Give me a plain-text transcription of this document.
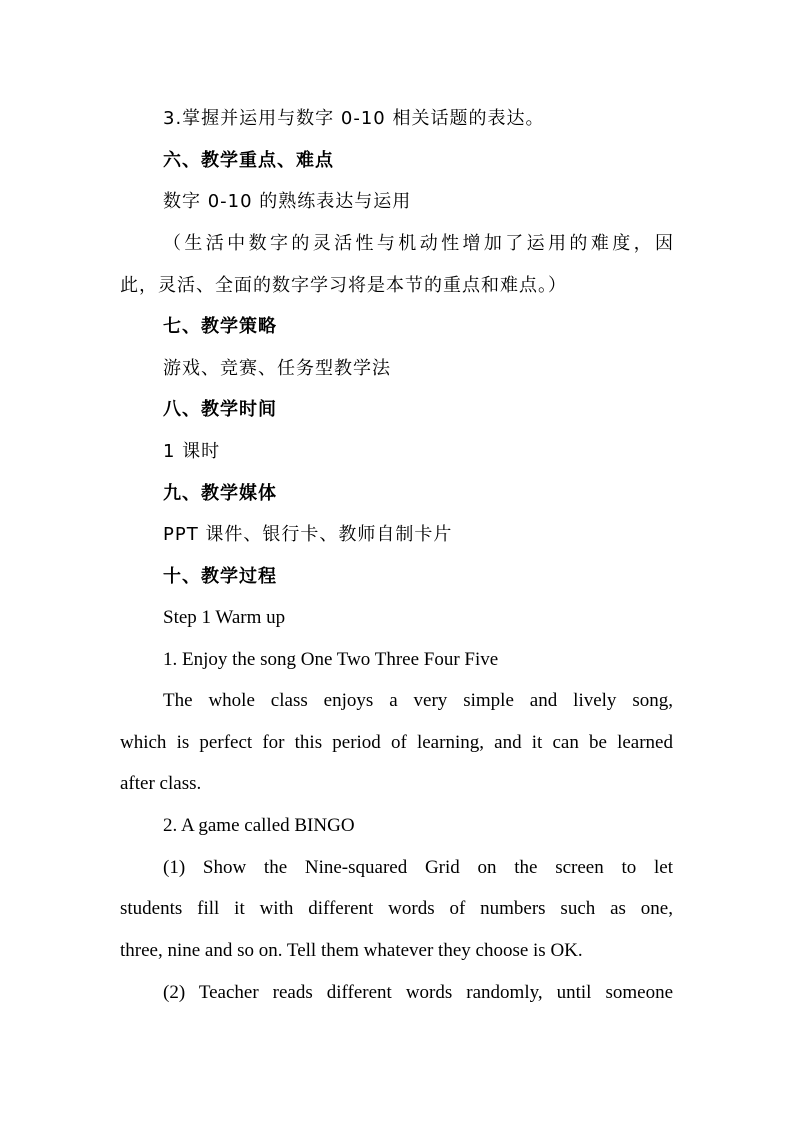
3.掌握并运用与数字 0-10 相关话题的表达。
六、教学重点、难点
数字 0-10 的熟练表达与运用
（生活中数字的灵活性与机动性增加了运用的难度，因
此，灵活、全面的数字学习将是本节的重点和难点。）
七、教学策略
游戏、竞赛、任务型教学法
八、教学时间
1 课时
九、教学媒体
PPT 课件、银行卡、教师自制卡片
十、教学过程
Step 1 Warm up
1. Enjoy the song One Two Three Four Five
The whole class enjoys a very simple and lively song,
which is perfect for this period of learning, and it can be learned
after class.
2. A game called BINGO
(1) Show the Nine-squared Grid on the screen to let
students fill it with different words of numbers such as one,
three, nine and so on. Tell them whatever they choose is OK.
(2) Teacher reads different words randomly, until someone
